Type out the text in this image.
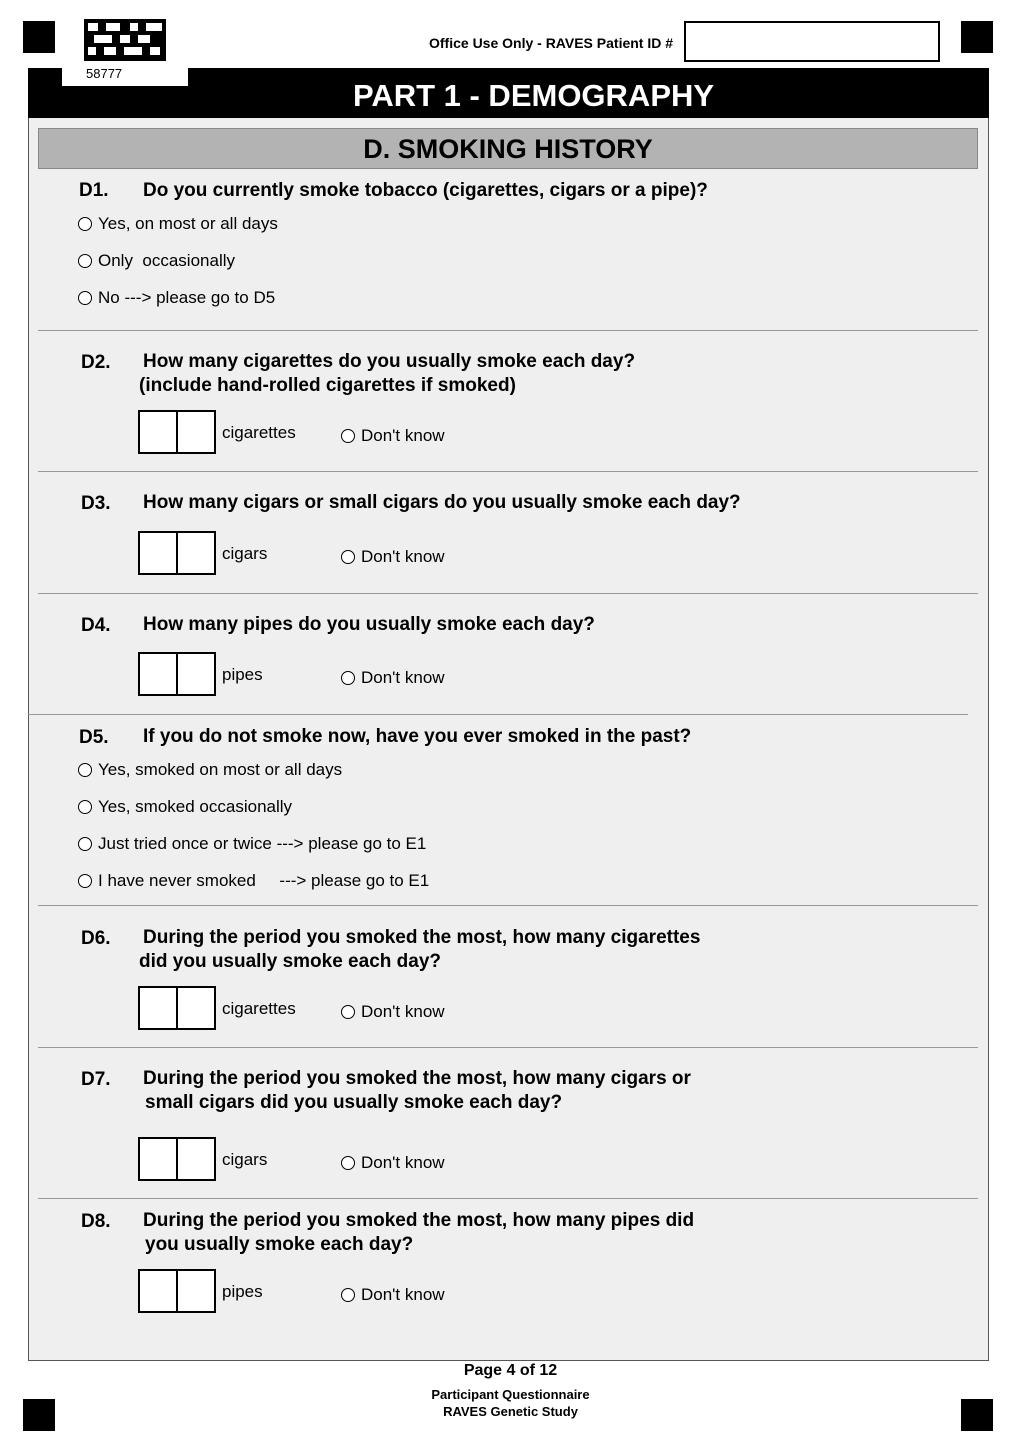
Office Use Only - RAVES Patient ID #
PART 1 - DEMOGRAPHY
58777
D. SMOKING HISTORY
D1. Do you currently smoke tobacco (cigarettes, cigars or a pipe)?
Yes, on most or all days
Only  occasionally
No ---> please go to D5
D2. How many cigarettes do you usually smoke each day?
(include hand-rolled cigarettes if smoked)
cigarettes	Don't know
D3. How many cigars or small cigars do you usually smoke each day?
cigars	Don't know
D4. How many pipes do you usually smoke each day?
pipes	Don't know
D5. If you do not smoke now, have you ever smoked in the past?
Yes, smoked on most or all days
Yes, smoked occasionally
Just tried once or twice ---> please go to E1
I have never smoked     ---> please go to E1
D6. During the period you smoked the most, how many cigarettes
did you usually smoke each day?
cigarettes	Don't know
D7. During the period you smoked the most, how many cigars or
small cigars did you usually smoke each day?
cigars	Don't know
D8. During the period you smoked the most, how many pipes did
you usually smoke each day?
pipes	Don't know
Page 4 of 12
Participant Questionnaire
RAVES Genetic Study
